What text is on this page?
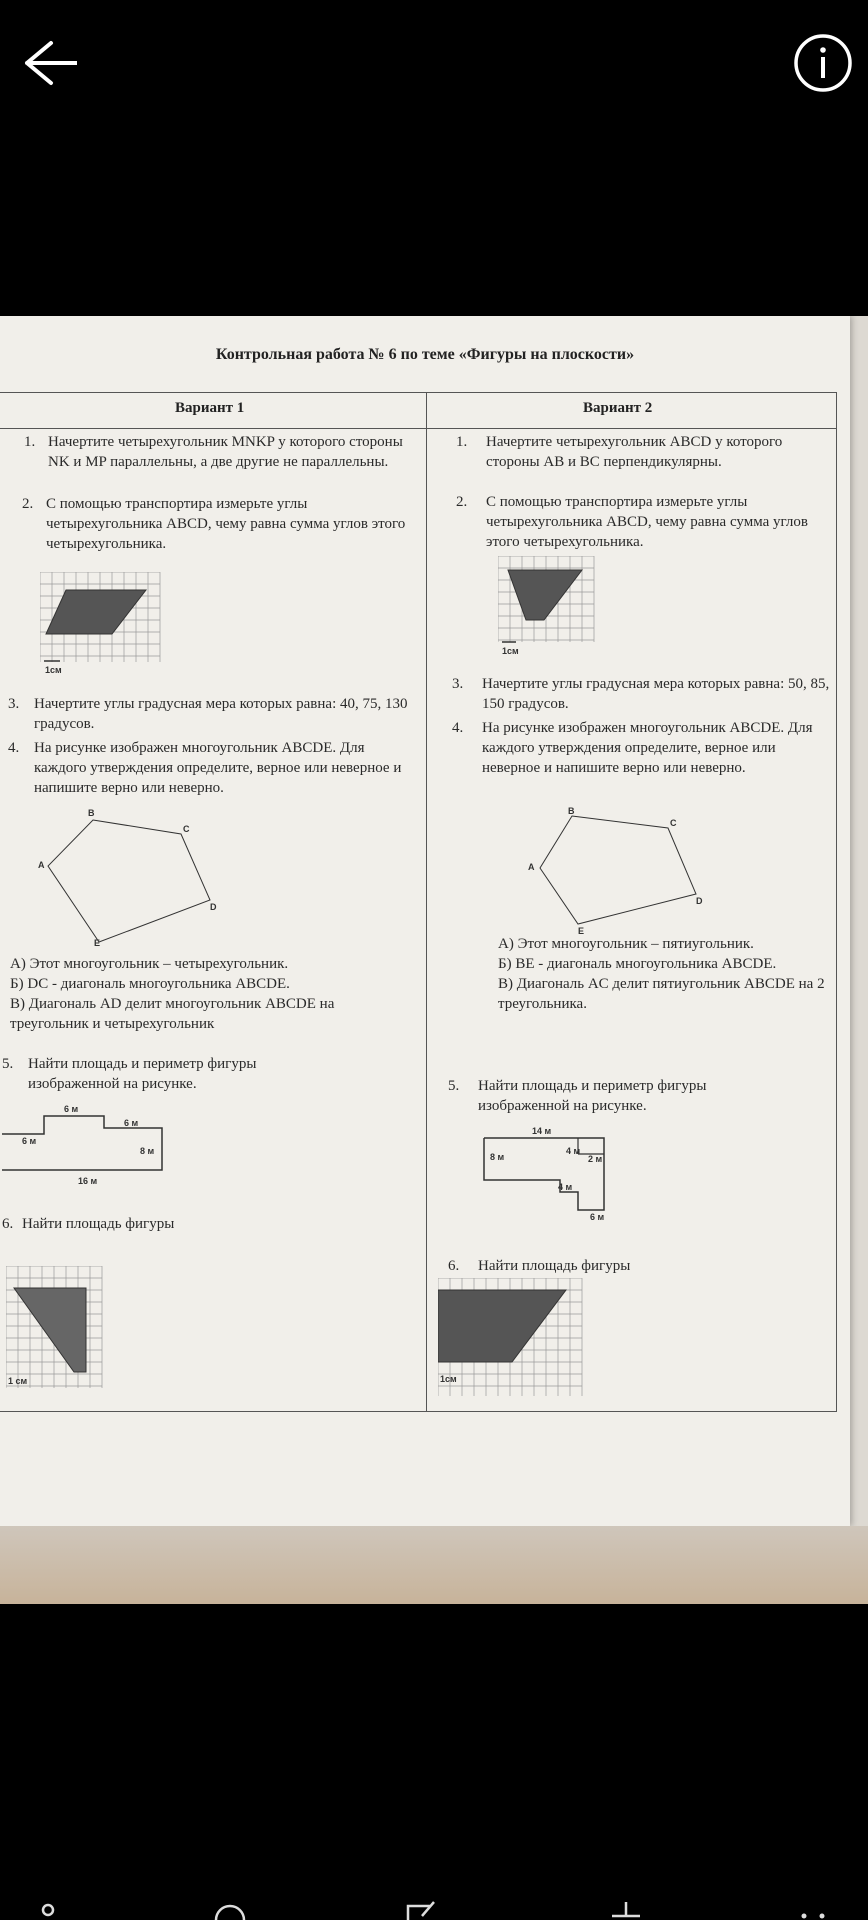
Контрольная работа № 6 по теме «Фигуры на плоскости»
Вариант 1	Вариант 2
1. Начертите четырехугольник MNKP у которого стороны NK и MP параллельны, а две другие не параллельны.
2. С помощью транспортира измерьте углы четырехугольника ABCD, чему равна сумма углов этого четырехугольника.
1см
3. Начертите углы градусная мера которых равна: 40, 75, 130 градусов.
4. На рисунке изображен многоугольник ABCDE. Для каждого утверждения определите, верное или неверное и напишите верно или неверно.
B
C
D
E
A
А) Этот многоугольник – четырехугольник.
Б) DC - диагональ многоугольника ABCDE.
В) Диагональ AD делит многоугольник ABCDE на треугольник и четырехугольник
5. Найти площадь и периметр фигуры изображенной на рисунке.
6 м
6 м
6 м
8 м
16 м
6. Найти площадь фигуры
1 см
1. Начертите четырехугольник ABCD у которого стороны AB и BC перпендикулярны.
2. С помощью транспортира измерьте углы четырехугольника ABCD, чему равна сумма углов этого четырехугольника.
1см
3. Начертите углы градусная мера которых равна: 50, 85, 150 градусов.
4. На рисунке изображен многоугольник ABCDE. Для каждого утверждения определите, верное или неверное и напишите верно или неверно.
B
C
D
E
A
А) Этот многоугольник – пятиугольник.
Б) BE - диагональ многоугольника ABCDE.
В) Диагональ AC делит пятиугольник ABCDE на 2 треугольника.
5. Найти площадь и периметр фигуры изображенной на рисунке.
14 м
4 м
2 м
8 м
4 м
6 м
6. Найти площадь фигуры
1см
